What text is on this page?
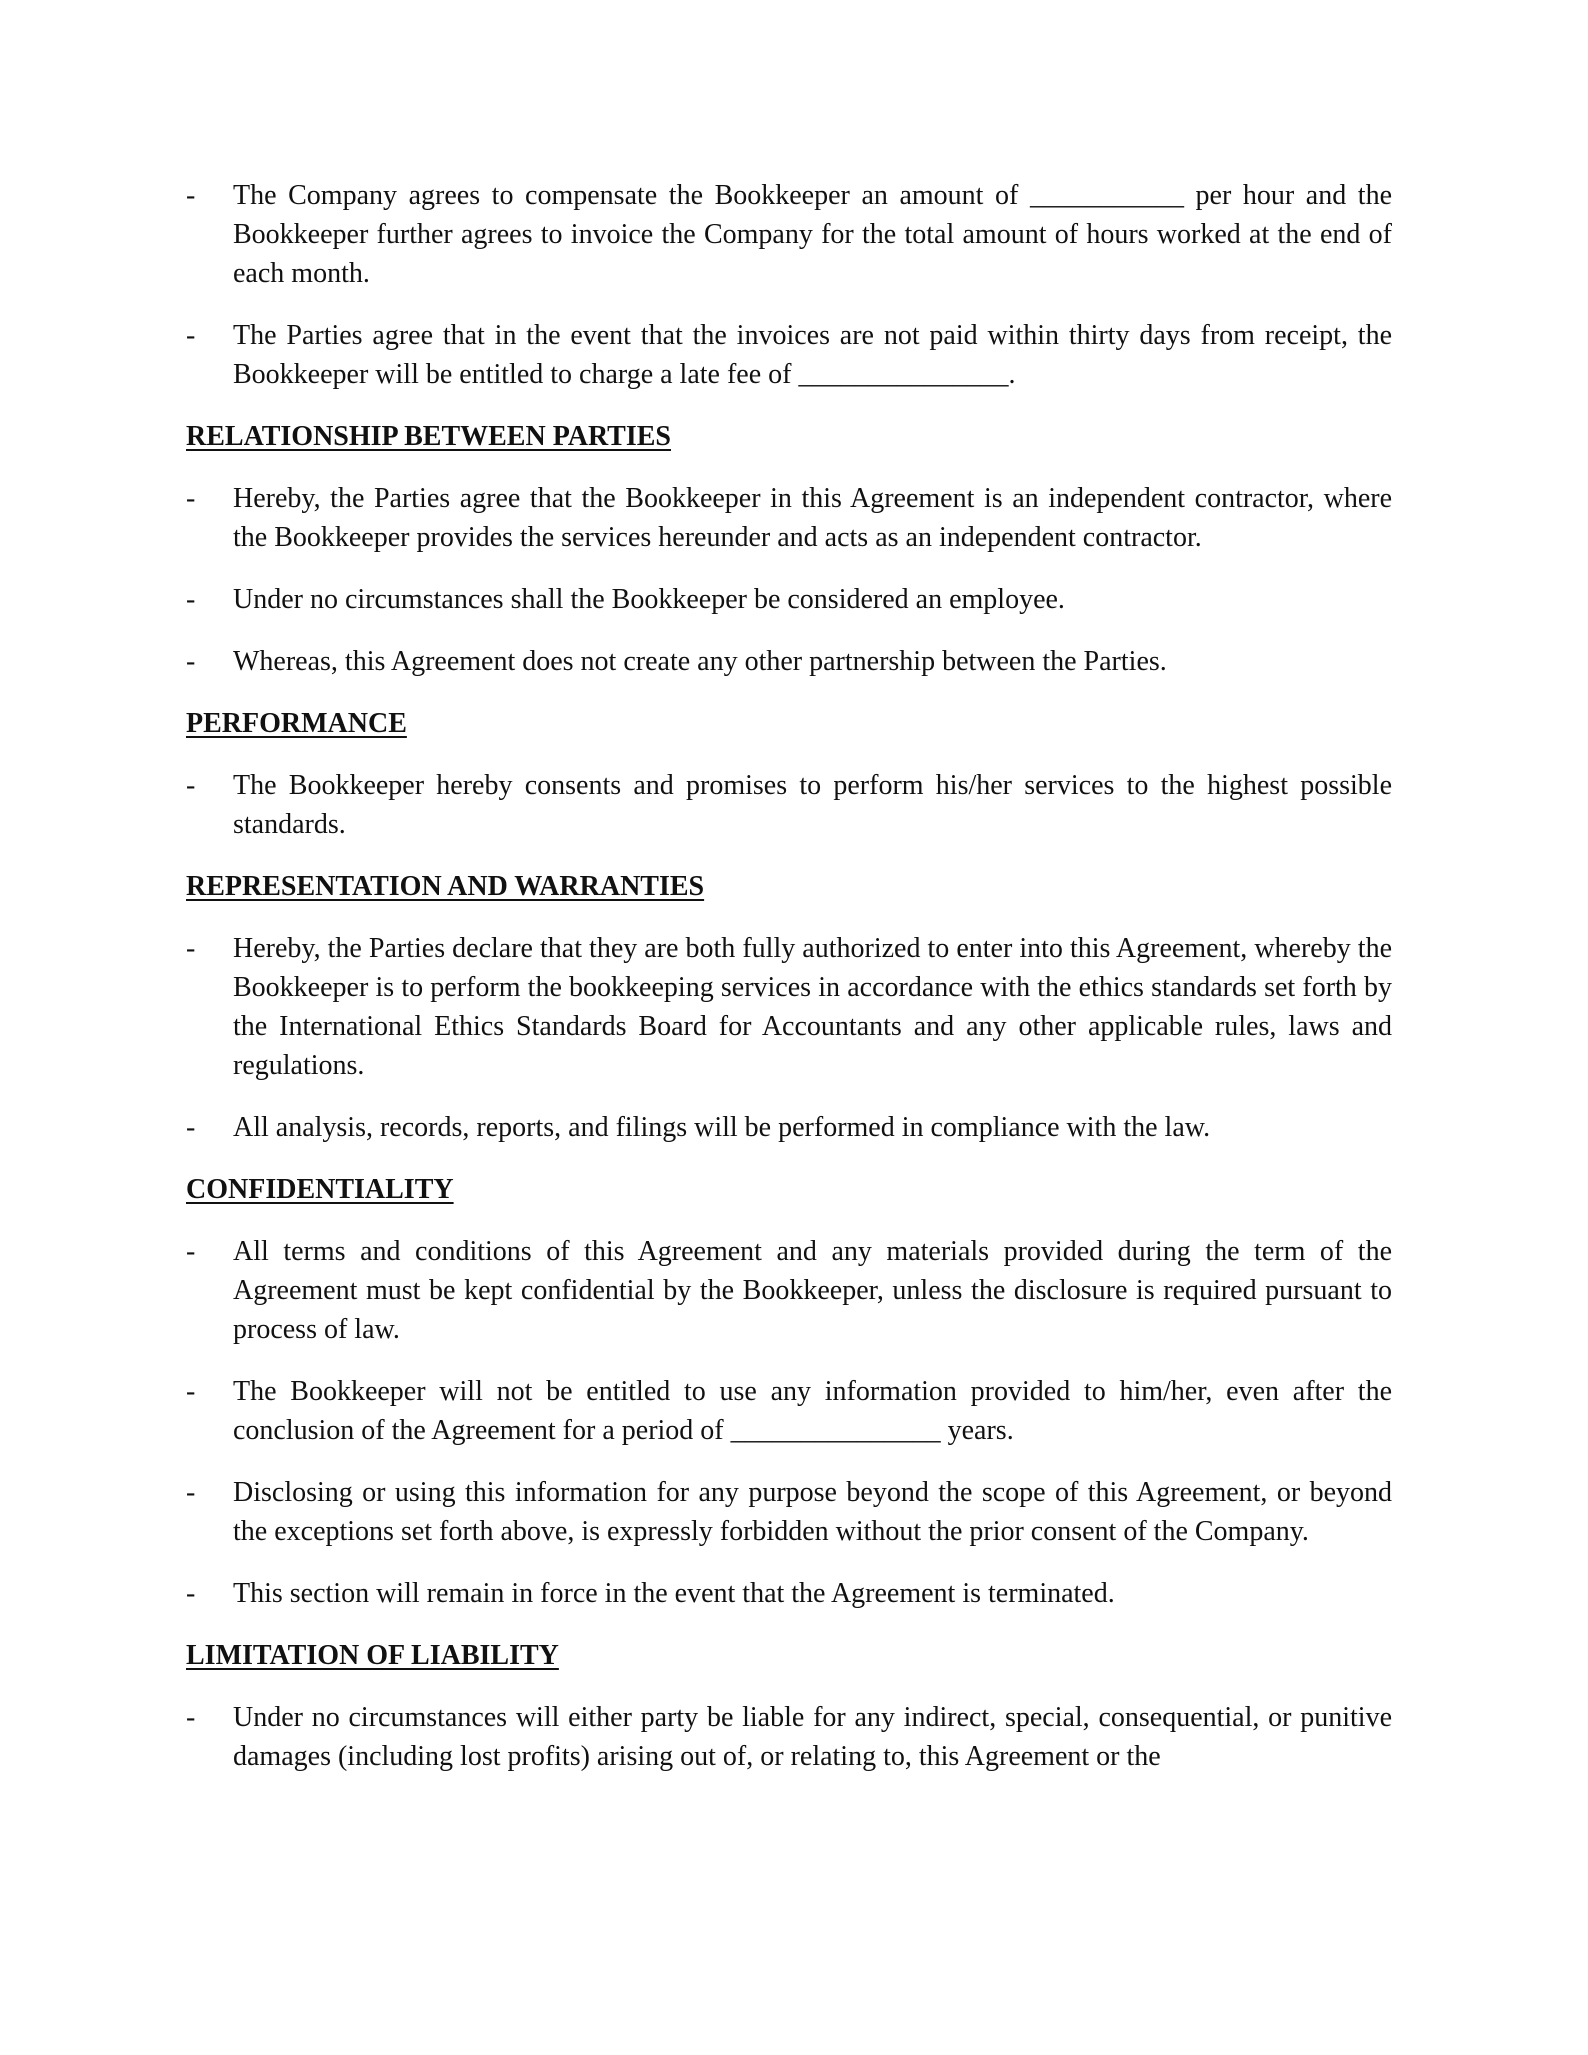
- The Company agrees to compensate the Bookkeeper an amount of ___________ per hour and the Bookkeeper further agrees to invoice the Company for the total amount of hours worked at the end of each month.
- The Parties agree that in the event that the invoices are not paid within thirty days from receipt, the Bookkeeper will be entitled to charge a late fee of _______________.
RELATIONSHIP BETWEEN PARTIES
- Hereby, the Parties agree that the Bookkeeper in this Agreement is an independent contractor, where the Bookkeeper provides the services hereunder and acts as an independent contractor.
- Under no circumstances shall the Bookkeeper be considered an employee.
- Whereas, this Agreement does not create any other partnership between the Parties.
PERFORMANCE
- The Bookkeeper hereby consents and promises to perform his/her services to the highest possible standards.
REPRESENTATION AND WARRANTIES
- Hereby, the Parties declare that they are both fully authorized to enter into this Agreement, whereby the Bookkeeper is to perform the bookkeeping services in accordance with the ethics standards set forth by the International Ethics Standards Board for Accountants and any other applicable rules, laws and regulations.
- All analysis, records, reports, and filings will be performed in compliance with the law.
CONFIDENTIALITY
- All terms and conditions of this Agreement and any materials provided during the term of the Agreement must be kept confidential by the Bookkeeper, unless the disclosure is required pursuant to process of law.
- The Bookkeeper will not be entitled to use any information provided to him/her, even after the conclusion of the Agreement for a period of _______________ years.
- Disclosing or using this information for any purpose beyond the scope of this Agreement, or beyond the exceptions set forth above, is expressly forbidden without the prior consent of the Company.
- This section will remain in force in the event that the Agreement is terminated.
LIMITATION OF LIABILITY
- Under no circumstances will either party be liable for any indirect, special, consequential, or punitive damages (including lost profits) arising out of, or relating to, this Agreement or the
